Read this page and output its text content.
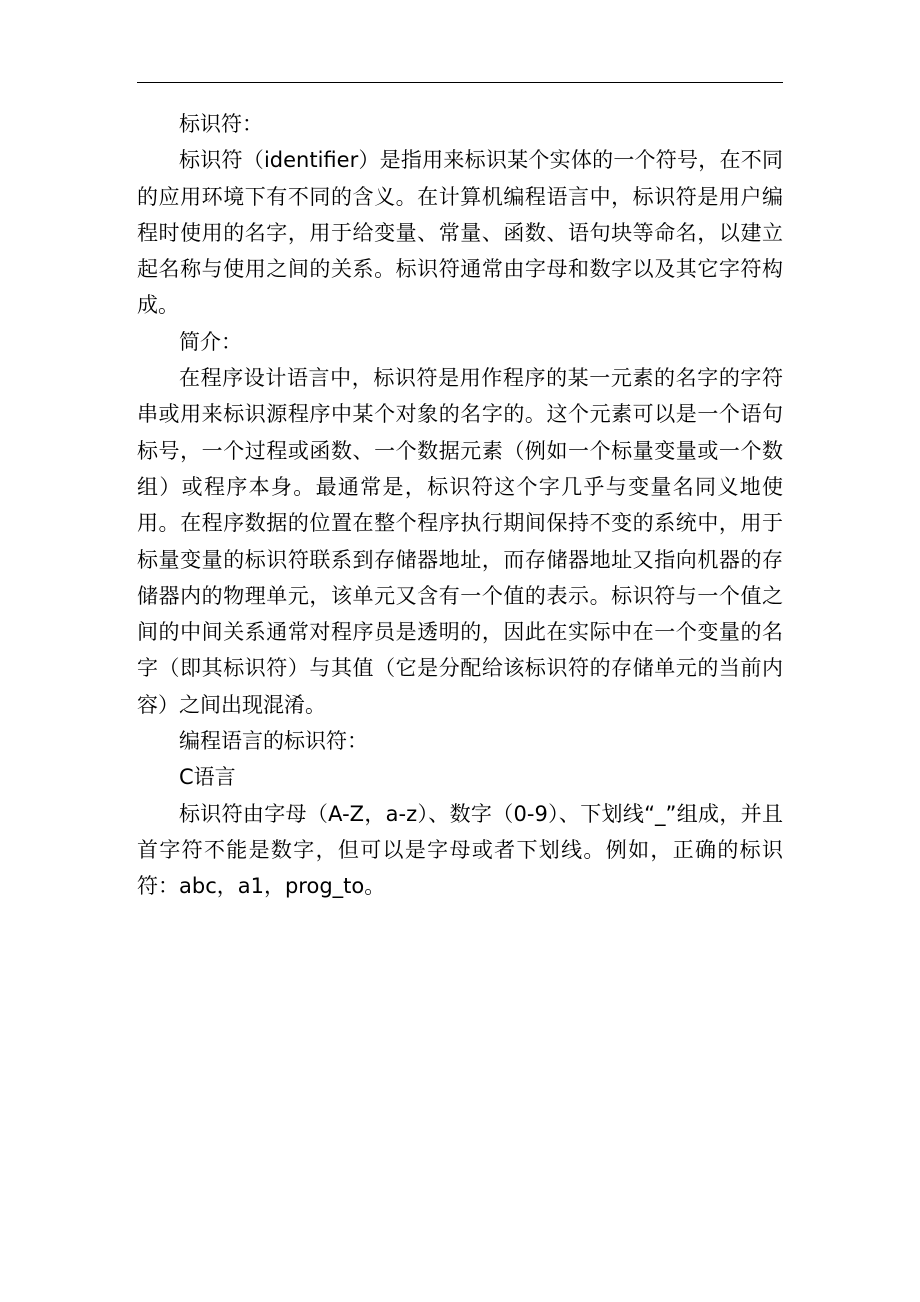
标识符：

标识符（identifier）是指用来标识某个实体的一个符号，在不同的应用环境下有不同的含义。在计算机编程语言中，标识符是用户编程时使用的名字，用于给变量、常量、函数、语句块等命名，以建立起名称与使用之间的关系。标识符通常由字母和数字以及其它字符构成。

简介：

在程序设计语言中，标识符是用作程序的某一元素的名字的字符串或用来标识源程序中某个对象的名字的。这个元素可以是一个语句标号，一个过程或函数、一个数据元素（例如一个标量变量或一个数组）或程序本身。最通常是，标识符这个字几乎与变量名同义地使用。在程序数据的位置在整个程序执行期间保持不变的系统中，用于标量变量的标识符联系到存储器地址，而存储器地址又指向机器的存储器内的物理单元，该单元又含有一个值的表示。标识符与一个值之间的中间关系通常对程序员是透明的，因此在实际中在一个变量的名字（即其标识符）与其值（它是分配给该标识符的存储单元的当前内容）之间出现混淆。

编程语言的标识符：

C语言

标识符由字母（A-Z，a-z）、数字（0-9）、下划线“_”组成，并且首字符不能是数字，但可以是字母或者下划线。例如，正确的标识符：abc，a1，prog_to。
